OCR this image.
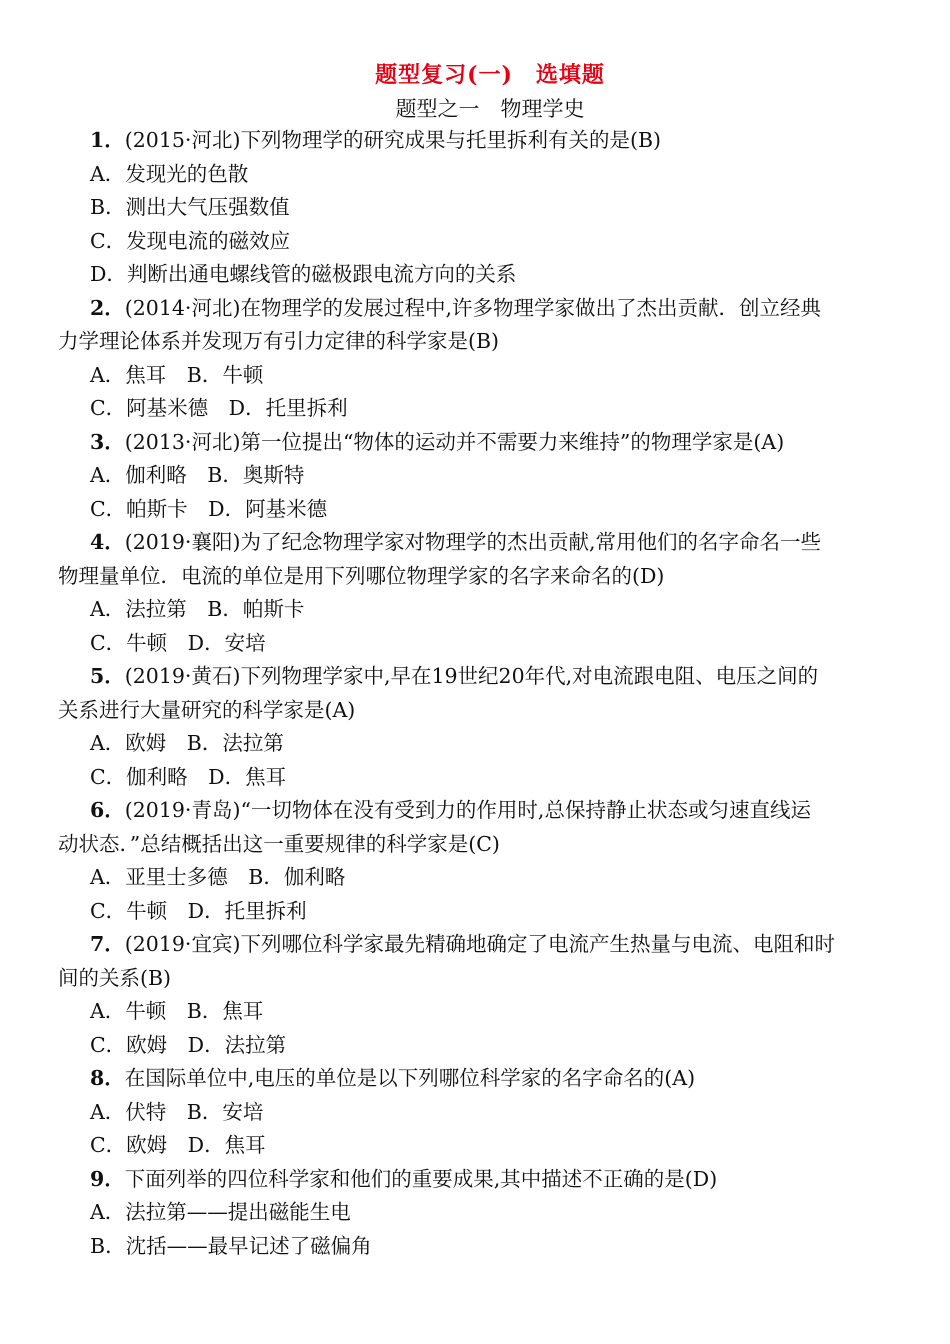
题型复习(一)　选填题
题型之一　物理学史
1．(2015·河北)下列物理学的研究成果与托里拆利有关的是(B)
A．发现光的色散
B．测出大气压强数值
C．发现电流的磁效应
D．判断出通电螺线管的磁极跟电流方向的关系
2．(2014·河北)在物理学的发展过程中,许多物理学家做出了杰出贡献．创立经典
力学理论体系并发现万有引力定律的科学家是(B)
A．焦耳　B．牛顿
C．阿基米德　D．托里拆利
3．(2013·河北)第一位提出“物体的运动并不需要力来维持”的物理学家是(A)
A．伽利略　B．奥斯特
C．帕斯卡　D．阿基米德
4．(2019·襄阳)为了纪念物理学家对物理学的杰出贡献,常用他们的名字命名一些
物理量单位．电流的单位是用下列哪位物理学家的名字来命名的(D)
A．法拉第　B．帕斯卡
C．牛顿　D．安培
5．(2019·黄石)下列物理学家中,早在19世纪20年代,对电流跟电阻、电压之间的
关系进行大量研究的科学家是(A)
A．欧姆　B．法拉第
C．伽利略　D．焦耳
6．(2019·青岛)“一切物体在没有受到力的作用时,总保持静止状态或匀速直线运
动状态．”总结概括出这一重要规律的科学家是(C)
A．亚里士多德　B．伽利略
C．牛顿　D．托里拆利
7．(2019·宜宾)下列哪位科学家最先精确地确定了电流产生热量与电流、电阻和时
间的关系(B)
A．牛顿　B．焦耳
C．欧姆　D．法拉第
8．在国际单位中,电压的单位是以下列哪位科学家的名字命名的(A)
A．伏特　B．安培
C．欧姆　D．焦耳
9．下面列举的四位科学家和他们的重要成果,其中描述不正确的是(D)
A．法拉第——提出磁能生电
B．沈括——最早记述了磁偏角
